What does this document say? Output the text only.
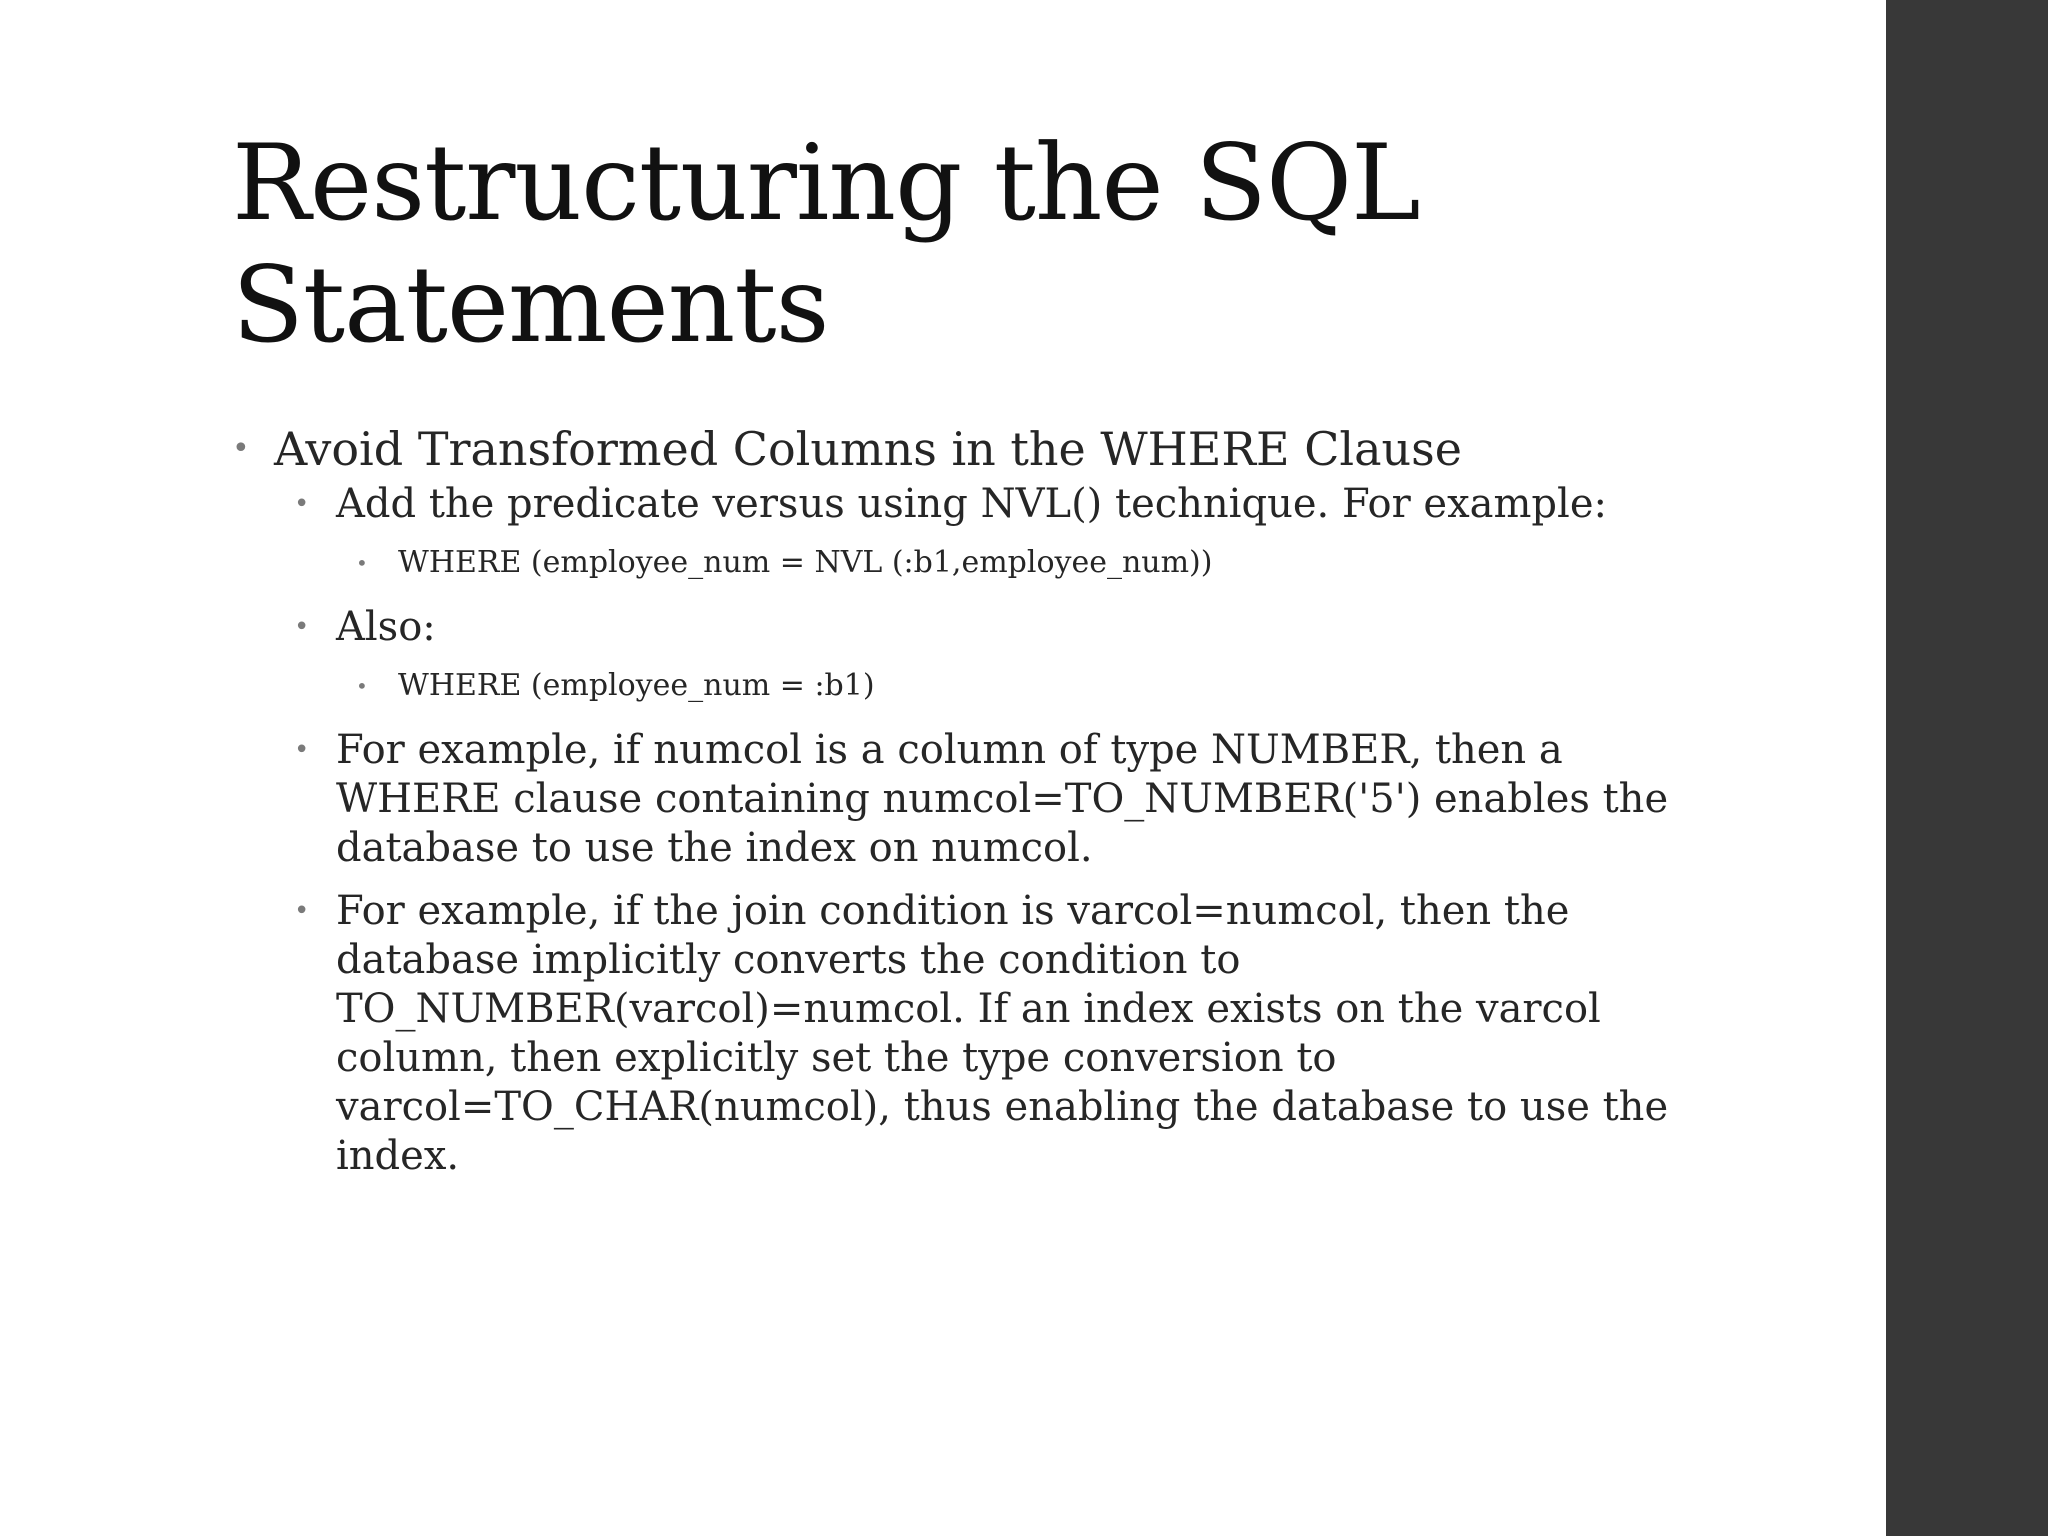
Restructuring the SQL
Statements
• Avoid Transformed Columns in the WHERE Clause
• Add the predicate versus using NVL() technique. For example:
• WHERE (employee_num = NVL (:b1,employee_num))
• Also:
• WHERE (employee_num = :b1)
• For example, if numcol is a column of type NUMBER, then a WHERE clause containing numcol=TO_NUMBER('5') enables the database to use the index on numcol.
• For example, if the join condition is varcol=numcol, then the database implicitly converts the condition to TO_NUMBER(varcol)=numcol. If an index exists on the varcol column, then explicitly set the type conversion to varcol=TO_CHAR(numcol), thus enabling the database to use the index.
